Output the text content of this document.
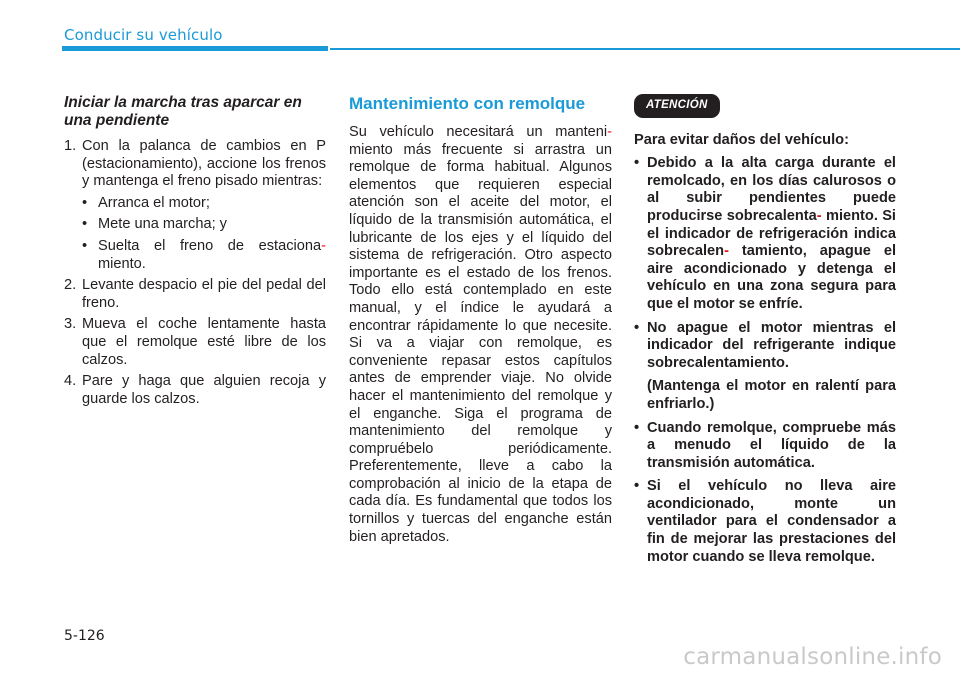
Conducir su vehículo
Iniciar la marcha tras aparcar en una pendiente
1. Con la palanca de cambios en P (estacionamiento), accione los frenos y mantenga el freno pisado mientras:
• Arranca el motor;
• Mete una marcha; y
• Suelta el freno de estaciona- miento.
2. Levante despacio el pie del pedal del freno.
3. Mueva el coche lentamente hasta que el remolque esté libre de los calzos.
4. Pare y haga que alguien recoja y guarde los calzos.
Mantenimiento con remolque

Su vehículo necesitará un manteni- miento más frecuente si arrastra un remolque de forma habitual. Algunos elementos que requieren especial atención son el aceite del motor, el líquido de la transmisión automática, el lubricante de los ejes y el líquido del sistema de refrigeración. Otro aspecto importante es el estado de los frenos. Todo ello está contemplado en este manual, y el índice le ayudará a encontrar rápidamente lo que necesite. Si va a viajar con remolque, es conveniente repasar estos capítulos antes de emprender viaje. No olvide hacer el mantenimiento del remolque y el enganche. Siga el programa de mantenimiento del remolque y compruébelo periódicamente. Preferentemente, lleve a cabo la comprobación al inicio de la etapa de cada día. Es fundamental que todos los tornillos y tuercas del enganche están bien apretados.

ATENCIÓN

Para evitar daños del vehículo:

• Debido a la alta carga durante el remolcado, en los días calurosos o al subir pendientes puede producirse sobrecalenta- miento. Si el indicador de refrigeración indica sobrecalen- tamiento, apague el aire acondicionado y detenga el vehículo en una zona segura para que el motor se enfríe.
• No apague el motor mientras el indicador del refrigerante indique sobrecalentamiento.

(Mantenga el motor en ralentí para enfriarlo.)

• Cuando remolque, compruebe más a menudo el líquido de la transmisión automática.
• Si el vehículo no lleva aire acondicionado, monte un ventilador para el condensador a fin de mejorar las prestaciones del motor cuando se lleva remolque.
5-126
carmanualsonline.info
